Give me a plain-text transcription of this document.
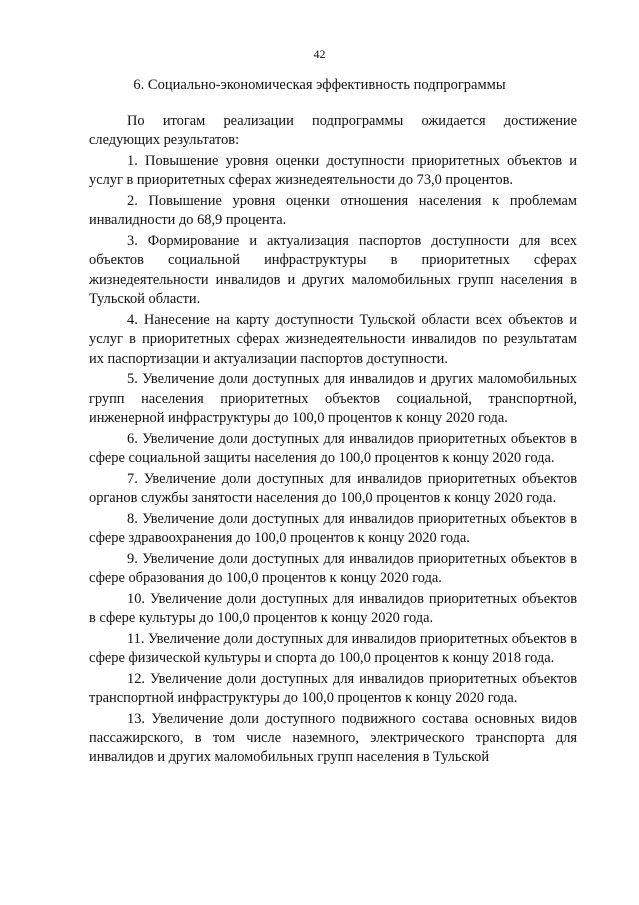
42
6. Социально-экономическая эффективность подпрограммы

По итогам реализации подпрограммы ожидается достижение следующих результатов:

1. Повышение уровня оценки доступности приоритетных объектов и услуг в приоритетных сферах жизнедеятельности до 73,0 процентов.

2. Повышение уровня оценки отношения населения к проблемам инвалидности до 68,9 процента.

3. Формирование и актуализация паспортов доступности для всех объектов социальной инфраструктуры в приоритетных сферах жизнедеятельности инвалидов и других маломобильных групп населения в Тульской области.

4. Нанесение на карту доступности Тульской области всех объектов и услуг в приоритетных сферах жизнедеятельности инвалидов по результатам их паспортизации и актуализации паспортов доступности.

5. Увеличение доли доступных для инвалидов и других маломобильных групп населения приоритетных объектов социальной, транспортной, инженерной инфраструктуры до 100,0 процентов к концу 2020 года.

6. Увеличение доли доступных для инвалидов приоритетных объектов в сфере социальной защиты населения до 100,0 процентов к концу 2020 года.

7. Увеличение доли доступных для инвалидов приоритетных объектов органов службы занятости населения до 100,0 процентов к концу 2020 года.

8. Увеличение доли доступных для инвалидов приоритетных объектов в сфере здравоохранения до 100,0 процентов к концу 2020 года.

9. Увеличение доли доступных для инвалидов приоритетных объектов в сфере образования до 100,0 процентов к концу 2020 года.

10. Увеличение доли доступных для инвалидов приоритетных объектов в сфере культуры до 100,0 процентов к концу 2020 года.

11. Увеличение доли доступных для инвалидов приоритетных объектов в сфере физической культуры и спорта до 100,0 процентов к концу 2018 года.

12. Увеличение доли доступных для инвалидов приоритетных объектов транспортной инфраструктуры до 100,0 процентов к концу 2020 года.

13. Увеличение доли доступного подвижного состава основных видов пассажирского, в том числе наземного, электрического транспорта для инвалидов и других маломобильных групп населения в Тульской
